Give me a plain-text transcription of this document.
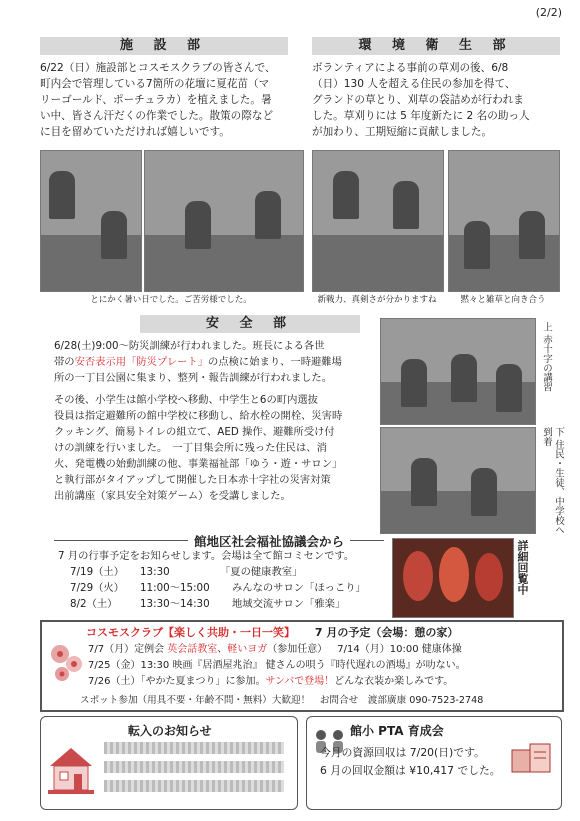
(2/2)
施 設 部
6/22（日）施設部とコスモスクラブの皆さんで、
町内会で管理している7箇所の花壇に夏花苗（マ
リーゴールド、ポーチュラカ）を植えました。暑
い中、皆さん汗だくの作業でした。散策の際など
に目を留めていただければ嬉しいです。
環 境 衛 生 部
ボランティアによる事前の草刈の後、6/8
（日）130 人を超える住民の参加を得て、
グランドの草とり、刈草の袋詰めが行われま
した。草刈りには 5 年度新たに 2 名の助っ人
が加わり、工期短縮に貢献しました。
とにかく暑い日でした。ご苦労様でした。	新戦力、真剣さが分かりますね	黙々と雑草と向き合う
安 全 部
6/28(土)9:00～防災訓練が行われました。班長による各世
帯の安否表示用「防災プレート」の点検に始まり、一時避難場
所の一丁目公園に集まり、整列・報告訓練が行われました。
その後、小学生は館小学校へ移動、中学生と6の町内選抜
役員は指定避難所の館中学校に移動し、給水栓の開栓、災害時
クッキング、簡易トイレの組立て、AED 操作、避難所受け付
けの訓練を行いました。　一丁目集会所に残った住民は、消
火、発電機の始動訓練の他、事業福祉部「ゆう・遊・サロン」
と執行部がタイアップして開催した日本赤十字社の災害対策
出前講座（家具安全対策ゲーム）を受講しました。
上 赤十字の講習
下 住民・生徒、中学校へ到着
館地区社会福祉協議会から
7 月の行事予定をお知らせします。会場は全て館コミセンです。
7/19（土） 13:30	「夏の健康教室」
7/29（火） 11:00～15:00 みんなのサロン「ほっこり」
8/2（土） 13:30～14:30 地域交流サロン「雅楽」
詳細回覧中
コスモスクラブ【楽しく共助・一日一笑】 7 月の予定（会場：憩の家）
7/7（月）定例会 英会話教室、軽いヨガ（参加任意） 7/14（月）10:00 健康体操
7/25（金）13:30 映画『居酒屋兆治』 健さんの唄う『時代遅れの酒場』が叻ない。
7/26（土）「やかた夏まつり」に参加。サンバで登場！どんな衣装か楽しみです。
スポット参加（用具不要・年齢不問・無料）大歓迎！　お問合せ　渡部廣康 090-7523-2748
転入のお知らせ	館小 PTA 育成会
今月の資源回収は 7/20(日)です。
6 月の回収金額は ¥10,417 でした。
